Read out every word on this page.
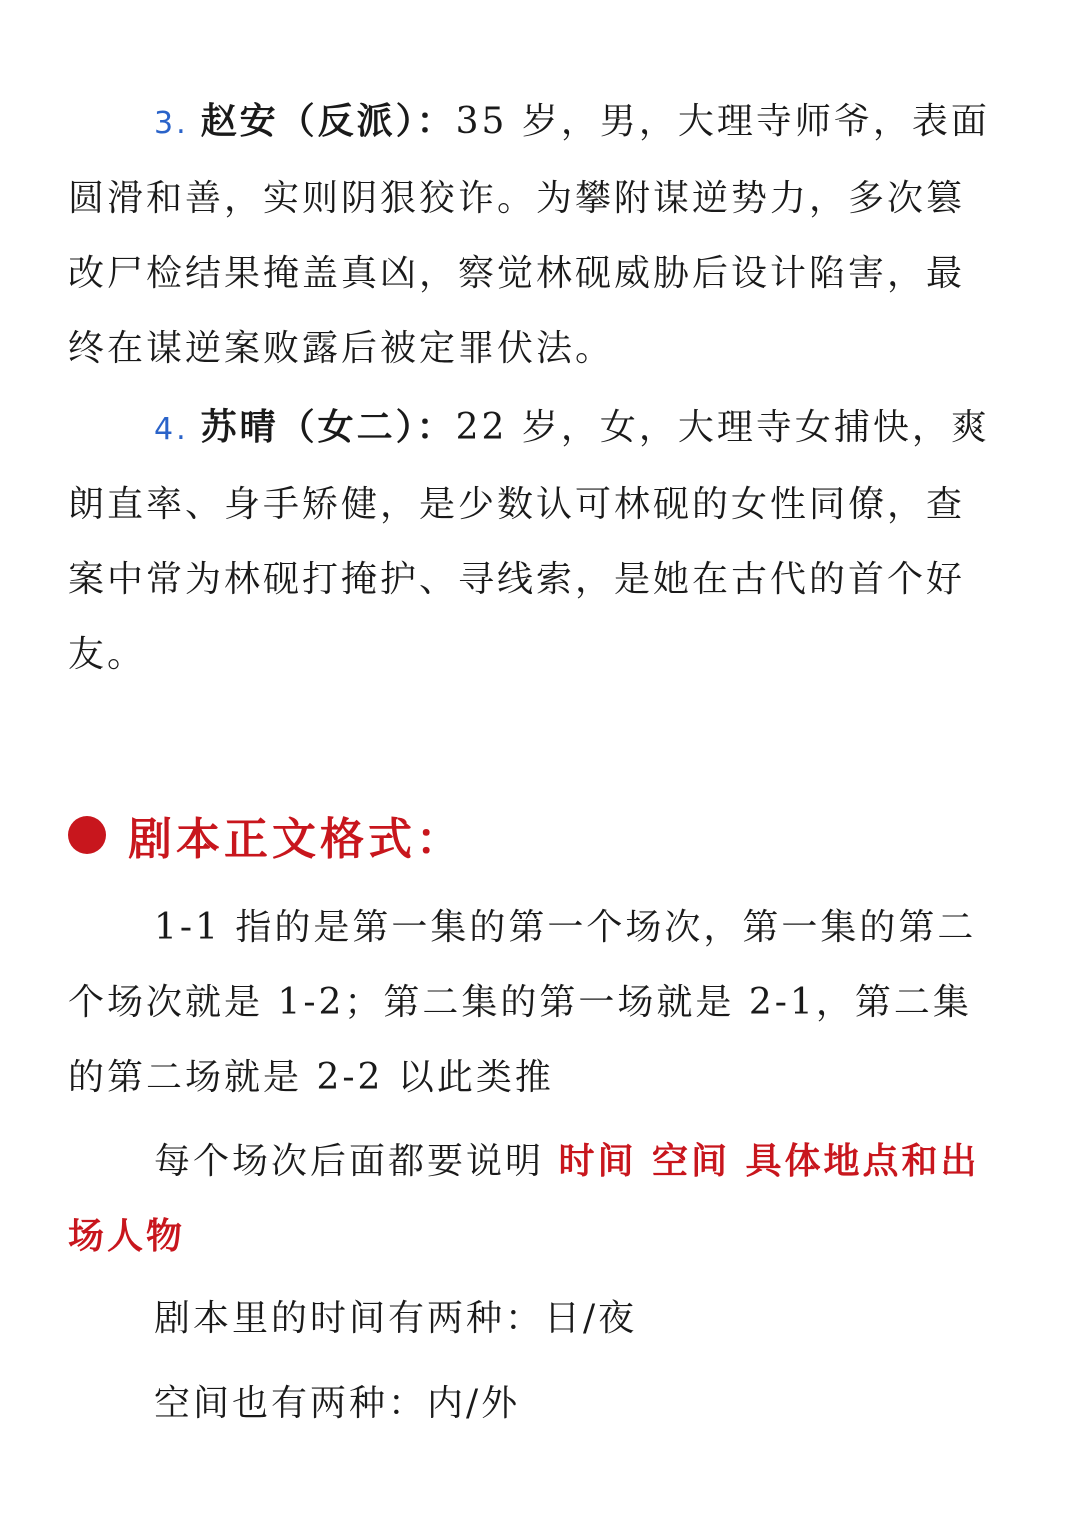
3. 赵安（反派）：35 岁，男，大理寺师爷，表面圆滑和善，实则阴狠狡诈。为攀附谋逆势力，多次篡改尸检结果掩盖真凶，察觉林砚威胁后设计陷害，最终在谋逆案败露后被定罪伏法。

4. 苏晴（女二）：22 岁，女，大理寺女捕快，爽朗直率、身手矫健，是少数认可林砚的女性同僚，查案中常为林砚打掩护、寻线索，是她在古代的首个好友。

剧本正文格式：

1-1 指的是第一集的第一个场次，第一集的第二个场次就是 1-2；第二集的第一场就是 2-1，第二集的第二场就是 2-2 以此类推

每个场次后面都要说明 时间 空间 具体地点和出场人物

剧本里的时间有两种：日/夜

空间也有两种：内/外
